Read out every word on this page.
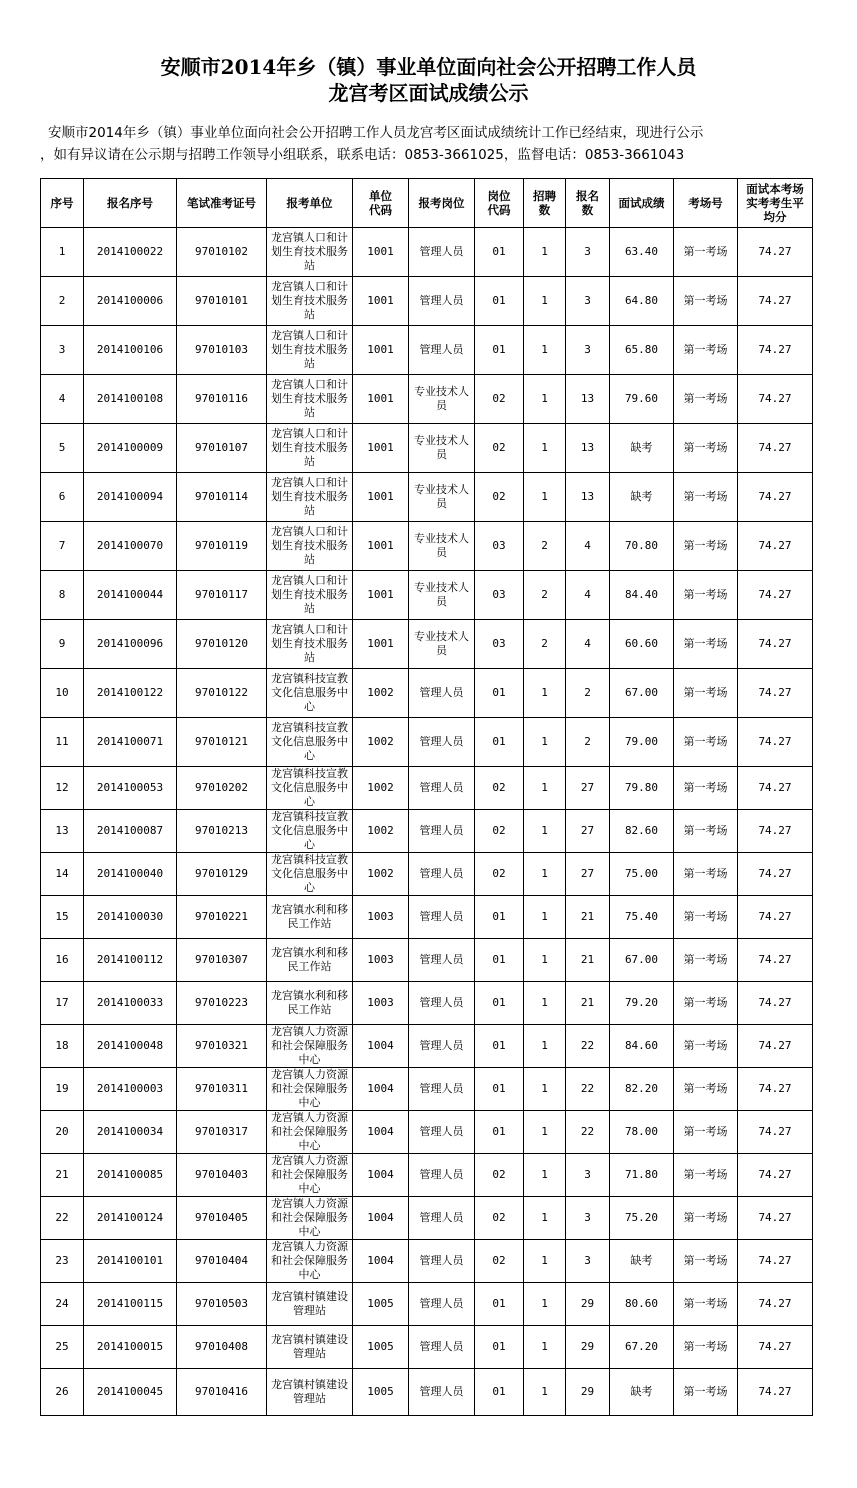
安顺市2014年乡（镇）事业单位面向社会公开招聘工作人员
龙宫考区面试成绩公示
安顺市2014年乡（镇）事业单位面向社会公开招聘工作人员龙宫考区面试成绩统计工作已经结束，现进行公示
，如有异议请在公示期与招聘工作领导小组联系，联系电话：0853-3661025，监督电话：0853-3661043
序号	报名序号	笔试准考证号	报考单位	单位代码	报考岗位	岗位代码	招聘数	报名数	面试成绩	考场号	面试本考场实考考生平均分
1	2014100022	97010102	龙宫镇人口和计划生育技术服务站	1001	管理人员	01	1	3	63.40	第一考场	74.27
2	2014100006	97010101	龙宫镇人口和计划生育技术服务站	1001	管理人员	01	1	3	64.80	第一考场	74.27
3	2014100106	97010103	龙宫镇人口和计划生育技术服务站	1001	管理人员	01	1	3	65.80	第一考场	74.27
4	2014100108	97010116	龙宫镇人口和计划生育技术服务站	1001	专业技术人员	02	1	13	79.60	第一考场	74.27
5	2014100009	97010107	龙宫镇人口和计划生育技术服务站	1001	专业技术人员	02	1	13	缺考	第一考场	74.27
6	2014100094	97010114	龙宫镇人口和计划生育技术服务站	1001	专业技术人员	02	1	13	缺考	第一考场	74.27
7	2014100070	97010119	龙宫镇人口和计划生育技术服务站	1001	专业技术人员	03	2	4	70.80	第一考场	74.27
8	2014100044	97010117	龙宫镇人口和计划生育技术服务站	1001	专业技术人员	03	2	4	84.40	第一考场	74.27
9	2014100096	97010120	龙宫镇人口和计划生育技术服务站	1001	专业技术人员	03	2	4	60.60	第一考场	74.27
10	2014100122	97010122	龙宫镇科技宣教文化信息服务中心	1002	管理人员	01	1	2	67.00	第一考场	74.27
11	2014100071	97010121	龙宫镇科技宣教文化信息服务中心	1002	管理人员	01	1	2	79.00	第一考场	74.27
12	2014100053	97010202	龙宫镇科技宣教文化信息服务中心	1002	管理人员	02	1	27	79.80	第一考场	74.27
13	2014100087	97010213	龙宫镇科技宣教文化信息服务中心	1002	管理人员	02	1	27	82.60	第一考场	74.27
14	2014100040	97010129	龙宫镇科技宣教文化信息服务中心	1002	管理人员	02	1	27	75.00	第一考场	74.27
15	2014100030	97010221	龙宫镇水利和移民工作站	1003	管理人员	01	1	21	75.40	第一考场	74.27
16	2014100112	97010307	龙宫镇水利和移民工作站	1003	管理人员	01	1	21	67.00	第一考场	74.27
17	2014100033	97010223	龙宫镇水利和移民工作站	1003	管理人员	01	1	21	79.20	第一考场	74.27
18	2014100048	97010321	龙宫镇人力资源和社会保障服务中心	1004	管理人员	01	1	22	84.60	第一考场	74.27
19	2014100003	97010311	龙宫镇人力资源和社会保障服务中心	1004	管理人员	01	1	22	82.20	第一考场	74.27
20	2014100034	97010317	龙宫镇人力资源和社会保障服务中心	1004	管理人员	01	1	22	78.00	第一考场	74.27
21	2014100085	97010403	龙宫镇人力资源和社会保障服务中心	1004	管理人员	02	1	3	71.80	第一考场	74.27
22	2014100124	97010405	龙宫镇人力资源和社会保障服务中心	1004	管理人员	02	1	3	75.20	第一考场	74.27
23	2014100101	97010404	龙宫镇人力资源和社会保障服务中心	1004	管理人员	02	1	3	缺考	第一考场	74.27
24	2014100115	97010503	龙宫镇村镇建设管理站	1005	管理人员	01	1	29	80.60	第一考场	74.27
25	2014100015	97010408	龙宫镇村镇建设管理站	1005	管理人员	01	1	29	67.20	第一考场	74.27
26	2014100045	97010416	龙宫镇村镇建设管理站	1005	管理人员	01	1	29	缺考	第一考场	74.27
